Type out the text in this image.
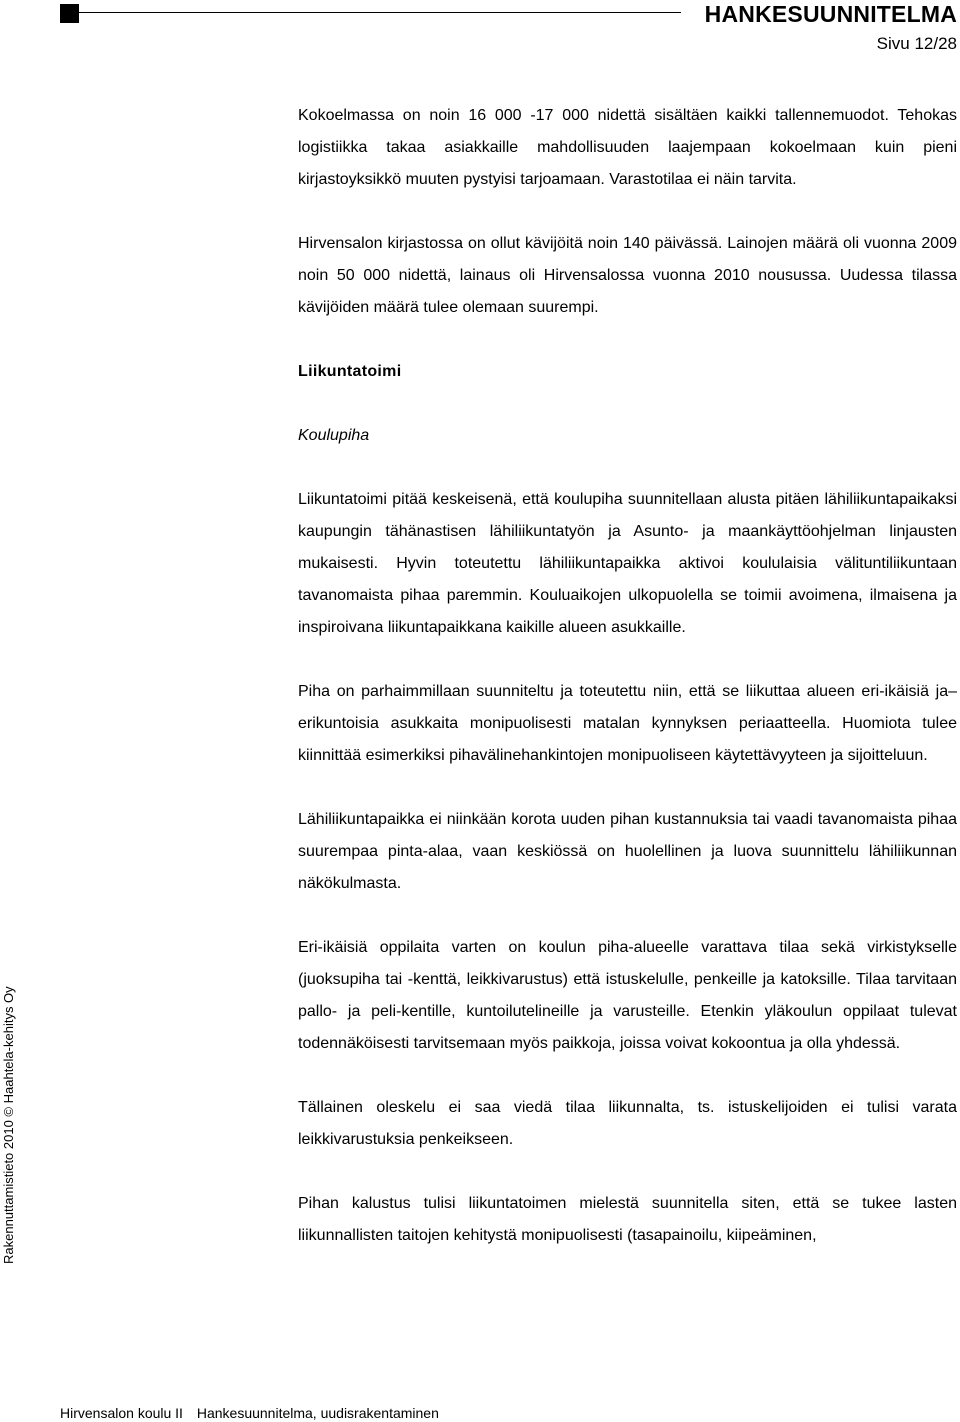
HANKESUUNNITELMA
Sivu 12/28
Rakennuttamistieto 2010 © Haahtela-kehitys Oy

Kokoelmassa on noin 16 000 -17 000 nidettä sisältäen kaikki tallennemuodot. Tehokas logistiikka takaa asiakkaille mahdollisuuden laajempaan kokoelmaan kuin pieni kirjastoyksikkö muuten pystyisi tarjoamaan. Varastotilaa ei näin tarvita.

Hirvensalon kirjastossa on ollut kävijöitä noin 140 päivässä. Lainojen määrä oli vuonna 2009 noin 50 000 nidettä, lainaus oli Hirvensalossa vuonna 2010 nousussa. Uudessa tilassa kävijöiden määrä tulee olemaan suurempi.

Liikuntatoimi
Koulupiha

Liikuntatoimi pitää keskeisenä, että koulupiha suunnitellaan alusta pitäen lähiliikuntapaikaksi kaupungin tähänastisen lähiliikuntatyön ja Asunto- ja maankäyttöohjelman linjausten mukaisesti. Hyvin toteutettu lähiliikuntapaikka aktivoi koululaisia välituntiliikuntaan tavanomaista pihaa paremmin. Kouluaikojen ulkopuolella se toimii avoimena, ilmaisena ja inspiroivana liikuntapaikkana kaikille alueen asukkaille.

Piha on parhaimmillaan suunniteltu ja toteutettu niin, että se liikuttaa alueen eri-ikäisiä ja–erikuntoisia asukkaita monipuolisesti matalan kynnyksen periaatteella. Huomiota tulee kiinnittää esimerkiksi pihavälinehankintojen monipuoliseen käytettävyyteen ja sijoitteluun.

Lähiliikuntapaikka ei niinkään korota uuden pihan kustannuksia tai vaadi tavanomaista pihaa suurempaa pinta-alaa, vaan keskiössä on huolellinen ja luova suunnittelu lähiliikunnan näkökulmasta.

Eri-ikäisiä oppilaita varten on koulun piha-alueelle varattava tilaa sekä virkistykselle (juoksupiha tai -kenttä, leikkivarustus) että istuskelulle, penkeille ja katoksille. Tilaa tarvitaan pallo- ja peli-kentille, kuntoilutelineille ja varusteille. Etenkin yläkoulun oppilaat tulevat todennäköisesti tarvitsemaan myös paikkoja, joissa voivat kokoontua ja olla yhdessä.

Tällainen oleskelu ei saa viedä tilaa liikunnalta, ts. istuskelijoiden ei tulisi varata leikkivarustuksia penkeikseen.

Pihan kalustus tulisi liikuntatoimen mielestä suunnitella siten, että se tukee lasten liikunnallisten taitojen kehitystä monipuolisesti (tasapainoilu, kiipeäminen,

Hirvensalon koulu II Hankesuunnitelma, uudisrakentaminen
